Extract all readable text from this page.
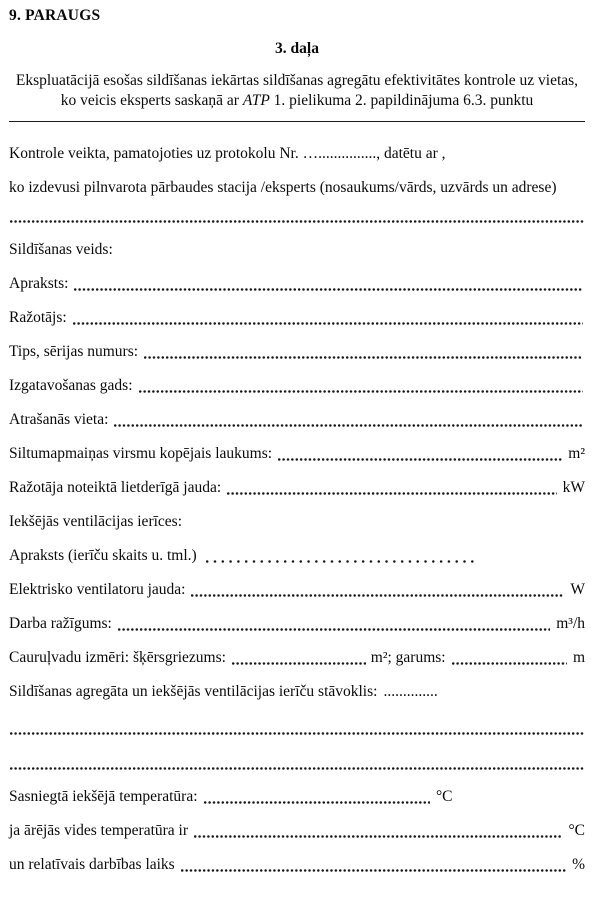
9. PARAUGS
3. daļa
Ekspluatācijā esošas sildīšanas iekārtas sildīšanas agregātu efektivitātes kontrole uz vietas, ko veicis eksperts saskaņā ar ATP 1. pielikuma 2. papildinājuma 6.3. punktu

Kontrole veikta, pamatojoties uz protokolu Nr. …..............., datētu ar ,

ko izdevusi pilnvarota pārbaudes stacija /eksperts (nosaukums/vārds, uzvārds un adrese)

Sildīšanas veids:
Apraksts:
Ražotājs:
Tips, sērijas numurs:
Izgatavošanas gads:
Atrašanās vieta:
Siltumapmaiņas virsmu kopējais laukums:	m²
Ražotāja noteiktā lietderīgā jauda:	kW
Iekšējās ventilācijas ierīces:
Apraksts (ierīču skaits u. tml.)
Elektrisko ventilatoru jauda:	W
Darba ražīgums:	m³/h
Cauruļvadu izmēri: šķērsgriezums:	m²; garums:	m
Sildīšanas agregāta un iekšējās ventilācijas ierīču stāvoklis: ..............
Sasniegtā iekšējā temperatūra:	°C
ja ārējās vides temperatūra ir	°C
un relatīvais darbības laiks	%
